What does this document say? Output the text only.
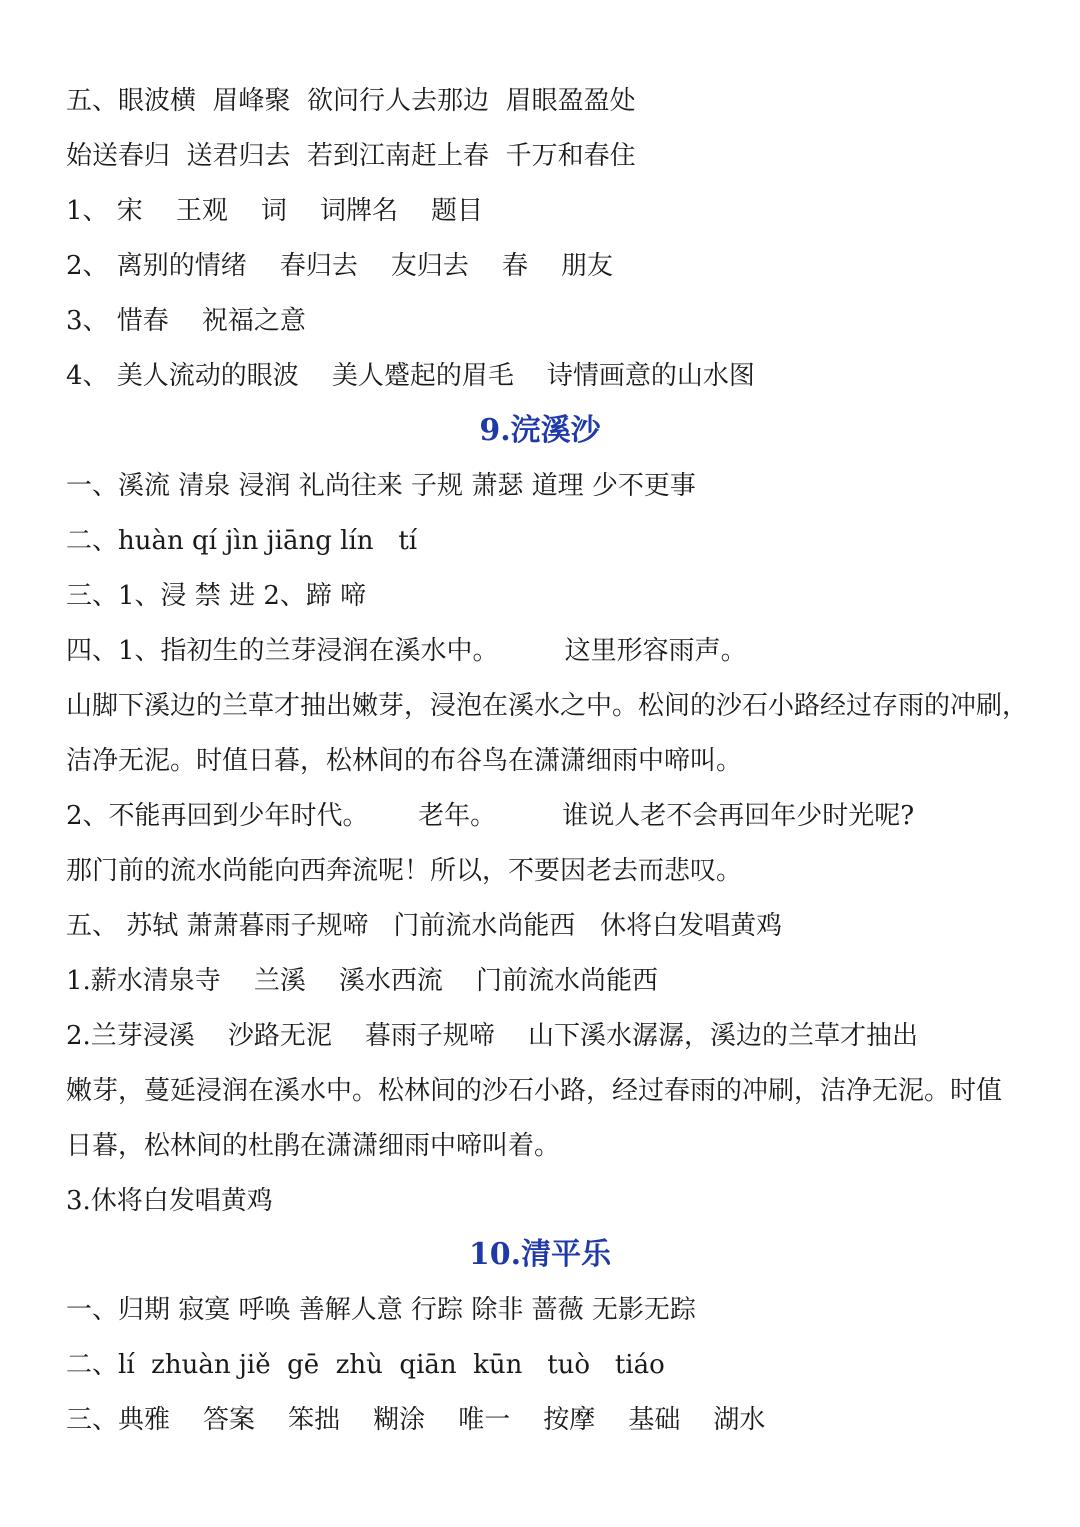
五、眼波横  眉峰聚  欲问行人去那边  眉眼盈盈处
始送春归  送君归去  若到江南赶上春  千万和春住
1、 宋    王观    词    词牌名    题目
2、 离别的情绪    春归去    友归去    春    朋友
3、 惜春    祝福之意
4、 美人流动的眼波    美人蹙起的眉毛    诗情画意的山水图
9.浣溪沙
一、溪流 清泉 浸润 礼尚往来 子规 萧瑟 道理 少不更事
二、huàn qí jìn jiāng lín   tí
三、1、浸 禁 进 2、蹄 啼
四、1、指初生的兰芽浸润在溪水中。        这里形容雨声。
山脚下溪边的兰草才抽出嫩芽，浸泡在溪水之中。松间的沙石小路经过存雨的冲刷，
洁净无泥。时值日暮，松林间的布谷鸟在潇潇细雨中啼叫。
2、不能再回到少年时代。      老年。        谁说人老不会再回年少时光呢?
那门前的流水尚能向西奔流呢！所以，不要因老去而悲叹。
五、 苏轼 萧萧暮雨子规啼   门前流水尚能西   休将白发唱黄鸡
1.薪水清泉寺    兰溪    溪水西流    门前流水尚能西
2.兰芽浸溪    沙路无泥    暮雨子规啼    山下溪水潺潺，溪边的兰草才抽出
嫩芽，蔓延浸润在溪水中。松林间的沙石小路，经过春雨的冲刷，洁净无泥。时值
日暮，松林间的杜鹃在潇潇细雨中啼叫着。
3.休将白发唱黄鸡
10.清平乐
一、归期 寂寞 呼唤 善解人意 行踪 除非 蔷薇 无影无踪
二、lí  zhuàn jiě  gē  zhù  qiān  kūn   tuò   tiáo
三、典雅    答案    笨拙    糊涂    唯一    按摩    基础    湖水
